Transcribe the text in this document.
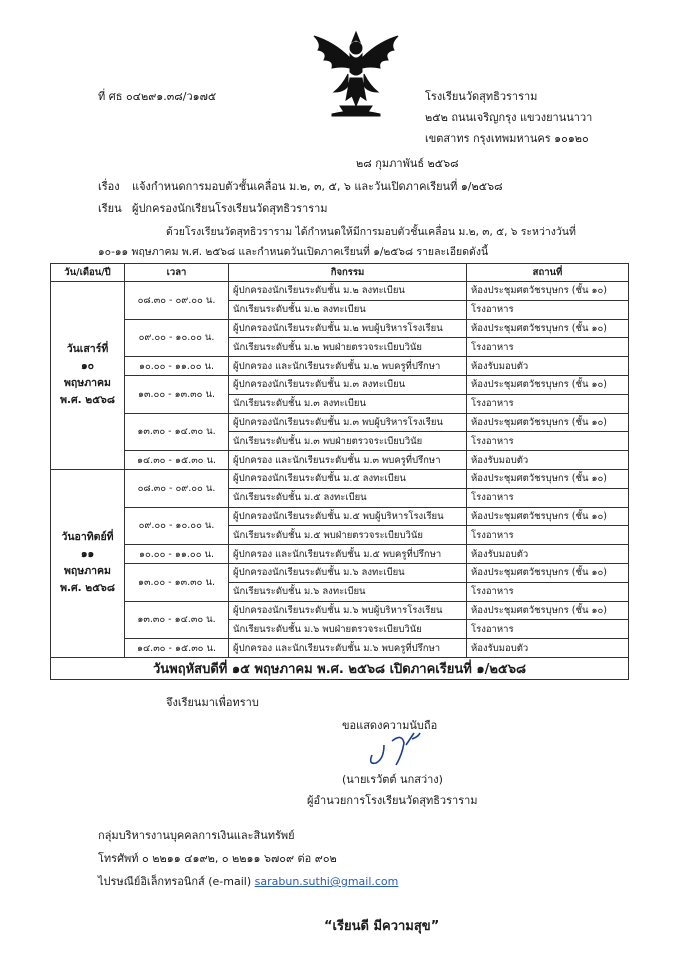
ที่ ศธ ๐๔๒๙๑.๓๘/ว๑๗๕	โรงเรียนวัดสุทธิวราราม
๒๕๒ ถนนเจริญกรุง แขวงยานนาวา
เขตสาทร กรุงเทพมหานคร ๑๐๑๒๐
๒๘ กุมภาพันธ์ ๒๕๖๘
เรื่อง แจ้งกำหนดการมอบตัวชั้นเคลื่อน ม.๒, ๓, ๕, ๖ และวันเปิดภาคเรียนที่ ๑/๒๕๖๘
เรียน ผู้ปกครองนักเรียนโรงเรียนวัดสุทธิวราราม
ด้วยโรงเรียนวัดสุทธิวราราม ได้กำหนดให้มีการมอบตัวชั้นเคลื่อน ม.๒, ๓, ๕, ๖ ระหว่างวันที่
๑๐-๑๑ พฤษภาคม พ.ศ. ๒๕๖๘ และกำหนดวันเปิดภาคเรียนที่ ๑/๒๕๖๘ รายละเอียดดังนี้
วัน/เดือน/ปี	เวลา	กิจกรรม	สถานที่
วันเสาร์ที่
๑๐
พฤษภาคม
พ.ศ. ๒๕๖๘	๐๘.๓๐ - ๐๙.๐๐ น.	ผู้ปกครองนักเรียนระดับชั้น ม.๒ ลงทะเบียน	ห้องประชุมศตวัชรบุษกร (ชั้น ๑๐)
		นักเรียนระดับชั้น ม.๒ ลงทะเบียน	โรงอาหาร
	๐๙.๐๐ - ๑๐.๐๐ น.	ผู้ปกครองนักเรียนระดับชั้น ม.๒ พบผู้บริหารโรงเรียน	ห้องประชุมศตวัชรบุษกร (ชั้น ๑๐)
		นักเรียนระดับชั้น ม.๒ พบฝ่ายตรวจระเบียบวินัย	โรงอาหาร
	๑๐.๐๐ - ๑๑.๐๐ น.	ผู้ปกครอง และนักเรียนระดับชั้น ม.๒ พบครูที่ปรึกษา	ห้องรับมอบตัว
	๑๓.๐๐ - ๑๓.๓๐ น.	ผู้ปกครองนักเรียนระดับชั้น ม.๓ ลงทะเบียน	ห้องประชุมศตวัชรบุษกร (ชั้น ๑๐)
		นักเรียนระดับชั้น ม.๓ ลงทะเบียน	โรงอาหาร
	๑๓.๓๐ - ๑๔.๓๐ น.	ผู้ปกครองนักเรียนระดับชั้น ม.๓ พบผู้บริหารโรงเรียน	ห้องประชุมศตวัชรบุษกร (ชั้น ๑๐)
		นักเรียนระดับชั้น ม.๓ พบฝ่ายตรวจระเบียบวินัย	โรงอาหาร
	๑๔.๓๐ - ๑๕.๓๐ น.	ผู้ปกครอง และนักเรียนระดับชั้น ม.๓ พบครูที่ปรึกษา	ห้องรับมอบตัว
วันอาทิตย์ที่
๑๑
พฤษภาคม
พ.ศ. ๒๕๖๘	๐๘.๓๐ - ๐๙.๐๐ น.	ผู้ปกครองนักเรียนระดับชั้น ม.๕ ลงทะเบียน	ห้องประชุมศตวัชรบุษกร (ชั้น ๑๐)
		นักเรียนระดับชั้น ม.๕ ลงทะเบียน	โรงอาหาร
	๐๙.๐๐ - ๑๐.๐๐ น.	ผู้ปกครองนักเรียนระดับชั้น ม.๕ พบผู้บริหารโรงเรียน	ห้องประชุมศตวัชรบุษกร (ชั้น ๑๐)
		นักเรียนระดับชั้น ม.๕ พบฝ่ายตรวจระเบียบวินัย	โรงอาหาร
	๑๐.๐๐ - ๑๑.๐๐ น.	ผู้ปกครอง และนักเรียนระดับชั้น ม.๕ พบครูที่ปรึกษา	ห้องรับมอบตัว
	๑๓.๐๐ - ๑๓.๓๐ น.	ผู้ปกครองนักเรียนระดับชั้น ม.๖ ลงทะเบียน	ห้องประชุมศตวัชรบุษกร (ชั้น ๑๐)
		นักเรียนระดับชั้น ม.๖ ลงทะเบียน	โรงอาหาร
	๑๓.๓๐ - ๑๔.๓๐ น.	ผู้ปกครองนักเรียนระดับชั้น ม.๖ พบผู้บริหารโรงเรียน	ห้องประชุมศตวัชรบุษกร (ชั้น ๑๐)
		นักเรียนระดับชั้น ม.๖ พบฝ่ายตรวจระเบียบวินัย	โรงอาหาร
	๑๔.๓๐ - ๑๕.๓๐ น.	ผู้ปกครอง และนักเรียนระดับชั้น ม.๖ พบครูที่ปรึกษา	ห้องรับมอบตัว
วันพฤหัสบดีที่ ๑๕ พฤษภาคม พ.ศ. ๒๕๖๘ เปิดภาคเรียนที่ ๑/๒๕๖๘			
จึงเรียนมาเพื่อทราบ
ขอแสดงความนับถือ
(นายเรวัตต์ นกสว่าง)
ผู้อำนวยการโรงเรียนวัดสุทธิวราราม
กลุ่มบริหารงานบุคคลการเงินและสินทรัพย์
โทรศัพท์ ๐ ๒๒๑๑ ๔๑๙๒, ๐ ๒๒๑๑ ๖๗๐๙ ต่อ ๙๐๒
ไปรษณีย์อิเล็กทรอนิกส์ (e-mail) sarabun.suthi@gmail.com
“เรียนดี มีความสุข”
